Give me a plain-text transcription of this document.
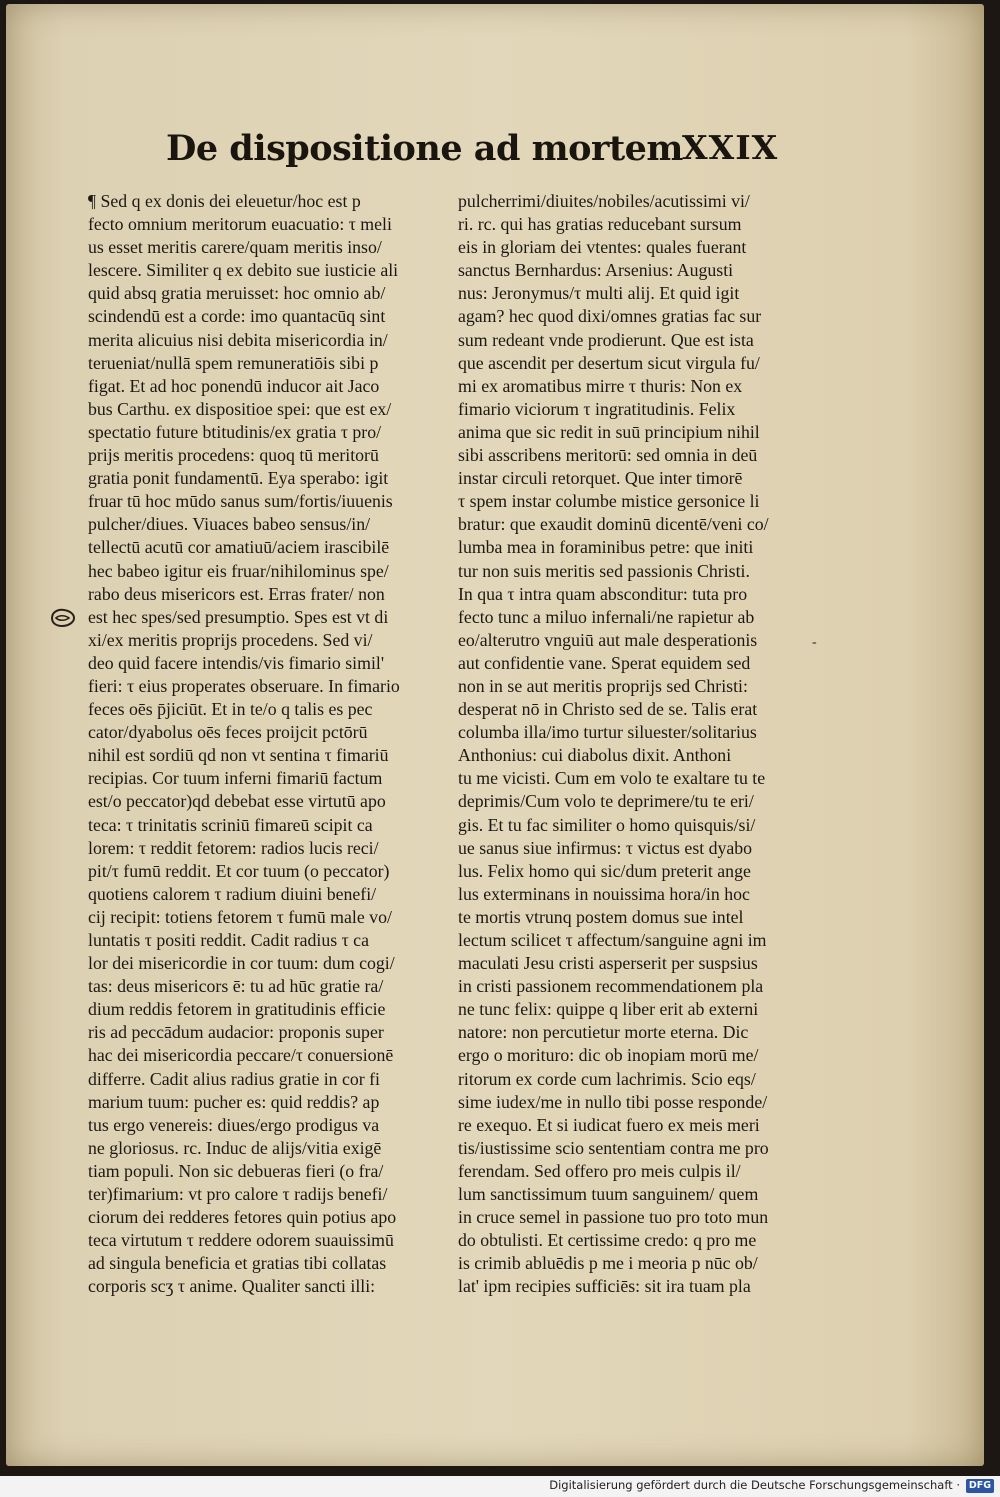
De dispositione ad mortem XXIX
¶ Sed q ex donis dei eleuetur/hoc est p
fecto omnium meritorum euacuatio: τ meli
us esset meritis carere/quam meritis inso/
lescere. Similiter q ex debito sue iusticie ali
quid absq gratia meruisset: hoc omnio ab/
scindendū est a corde: imo quantacūq sint
merita alicuius nisi debita misericordia in/
terueniat/nullā spem remuneratiōis sibi p
figat. Et ad hoc ponendū inducor ait Jaco
bus Carthu. ex dispositioe spei: que est ex/
spectatio future btitudinis/ex gratia τ pro/
prijs meritis procedens: quoq tū meritorū
gratia ponit fundamentū. Eya sperabo: igit
fruar tū hoc mūdo sanus sum/fortis/iuuenis
pulcher/diues. Viuaces babeo sensus/in/
tellectū acutū cor amatiuū/aciem irascibilē
hec babeo igitur eis fruar/nihilominus spe/
rabo deus misericors est. Erras frater/ non
est hec spes/sed presumptio. Spes est vt di
xi/ex meritis proprijs procedens. Sed vi/
deo quid facere intendis/vis fimario simil'
fieri: τ eius properates obseruare. In fimario
feces oēs p̄jiciūt. Et in te/o q talis es pec
cator/dyabolus oēs feces proijcit pctōrū
nihil est sordiū qd non vt sentina τ fimariū
recipias. Cor tuum inferni fimariū factum
est/o peccator)qd debebat esse virtutū apo
teca: τ trinitatis scriniū fimareū scipit ca
lorem: τ reddit fetorem: radios lucis reci/
pit/τ fumū reddit. Et cor tuum (o peccator)
quotiens calorem τ radium diuini benefi/
cij recipit: totiens fetorem τ fumū male vo/
luntatis τ positi reddit. Cadit radius τ ca
lor dei misericordie in cor tuum: dum cogi/
tas: deus misericors ē: tu ad hūc gratie ra/
dium reddis fetorem in gratitudinis efficie
ris ad peccādum audacior: proponis super
hac dei misericordia peccare/τ conuersionē
differre. Cadit alius radius gratie in cor fi
marium tuum: pucher es: quid reddis? ap
tus ergo venereis: diues/ergo prodigus va
ne gloriosus. rc. Induc de alijs/vitia exigē
tiam populi. Non sic debueras fieri (o fra/
ter)fimarium: vt pro calore τ radijs benefi/
ciorum dei redderes fetores quin potius apo
teca virtutum τ reddere odorem suauissimū
ad singula beneficia et gratias tibi collatas
corporis scʒ τ anime. Qualiter sancti illi:
pulcherrimi/diuites/nobiles/acutissimi vi/
ri. rc. qui has gratias reducebant sursum
eis in gloriam dei vtentes: quales fuerant
sanctus Bernhardus: Arsenius: Augusti
nus: Jeronymus/τ multi alij. Et quid igit
agam? hec quod dixi/omnes gratias fac sur
sum redeant vnde prodierunt. Que est ista
que ascendit per desertum sicut virgula fu/
mi ex aromatibus mirre τ thuris: Non ex
fimario viciorum τ ingratitudinis. Felix
anima que sic redit in suū principium nihil
sibi asscribens meritorū: sed omnia in deū
instar circuli retorquet. Que inter timorē
τ spem instar columbe mistice gersonice li
bratur: que exaudit dominū dicentē/veni co/
lumba mea in foraminibus petre: que initi
tur non suis meritis sed passionis Christi.
In qua τ intra quam absconditur: tuta pro
fecto tunc a miluo infernali/ne rapietur ab
eo/alterutro vnguiū aut male desperationis
aut confidentie vane. Sperat equidem sed
non in se aut meritis proprijs sed Christi:
desperat nō in Christo sed de se. Talis erat
columba illa/imo turtur siluester/solitarius
Anthonius: cui diabolus dixit. Anthoni
tu me vicisti. Cum em volo te exaltare tu te
deprimis/Cum volo te deprimere/tu te eri/
gis. Et tu fac similiter o homo quisquis/si/
ue sanus siue infirmus: τ victus est dyabo
lus. Felix homo qui sic/dum preterit ange
lus exterminans in nouissima hora/in hoc
te mortis vtrunq postem domus sue intel
lectum scilicet τ affectum/sanguine agni im
maculati Jesu cristi asperserit per suspsius
in cristi passionem recommendationem pla
ne tunc felix: quippe q liber erit ab externi
natore: non percutietur morte eterna. Dic
ergo o morituro: dic ob inopiam morū me/
ritorum ex corde cum lachrimis. Scio eqs/
sime iudex/me in nullo tibi posse responde/
re exequo. Et si iudicat fuero ex meis meri
tis/iustissime scio sententiam contra me pro
ferendam. Sed offero pro meis culpis il/
lum sanctissimum tuum sanguinem/ quem
in cruce semel in passione tuo pro toto mun
do obtulisti. Et certissime credo: q pro me
is crimib abluēdis p me i meoria p nūc ob/
lat' ipm recipies sufficiēs: sit ira tuam pla
-
Digitalisierung gefördert durch die Deutsche Forschungsgemeinschaft · DFG
